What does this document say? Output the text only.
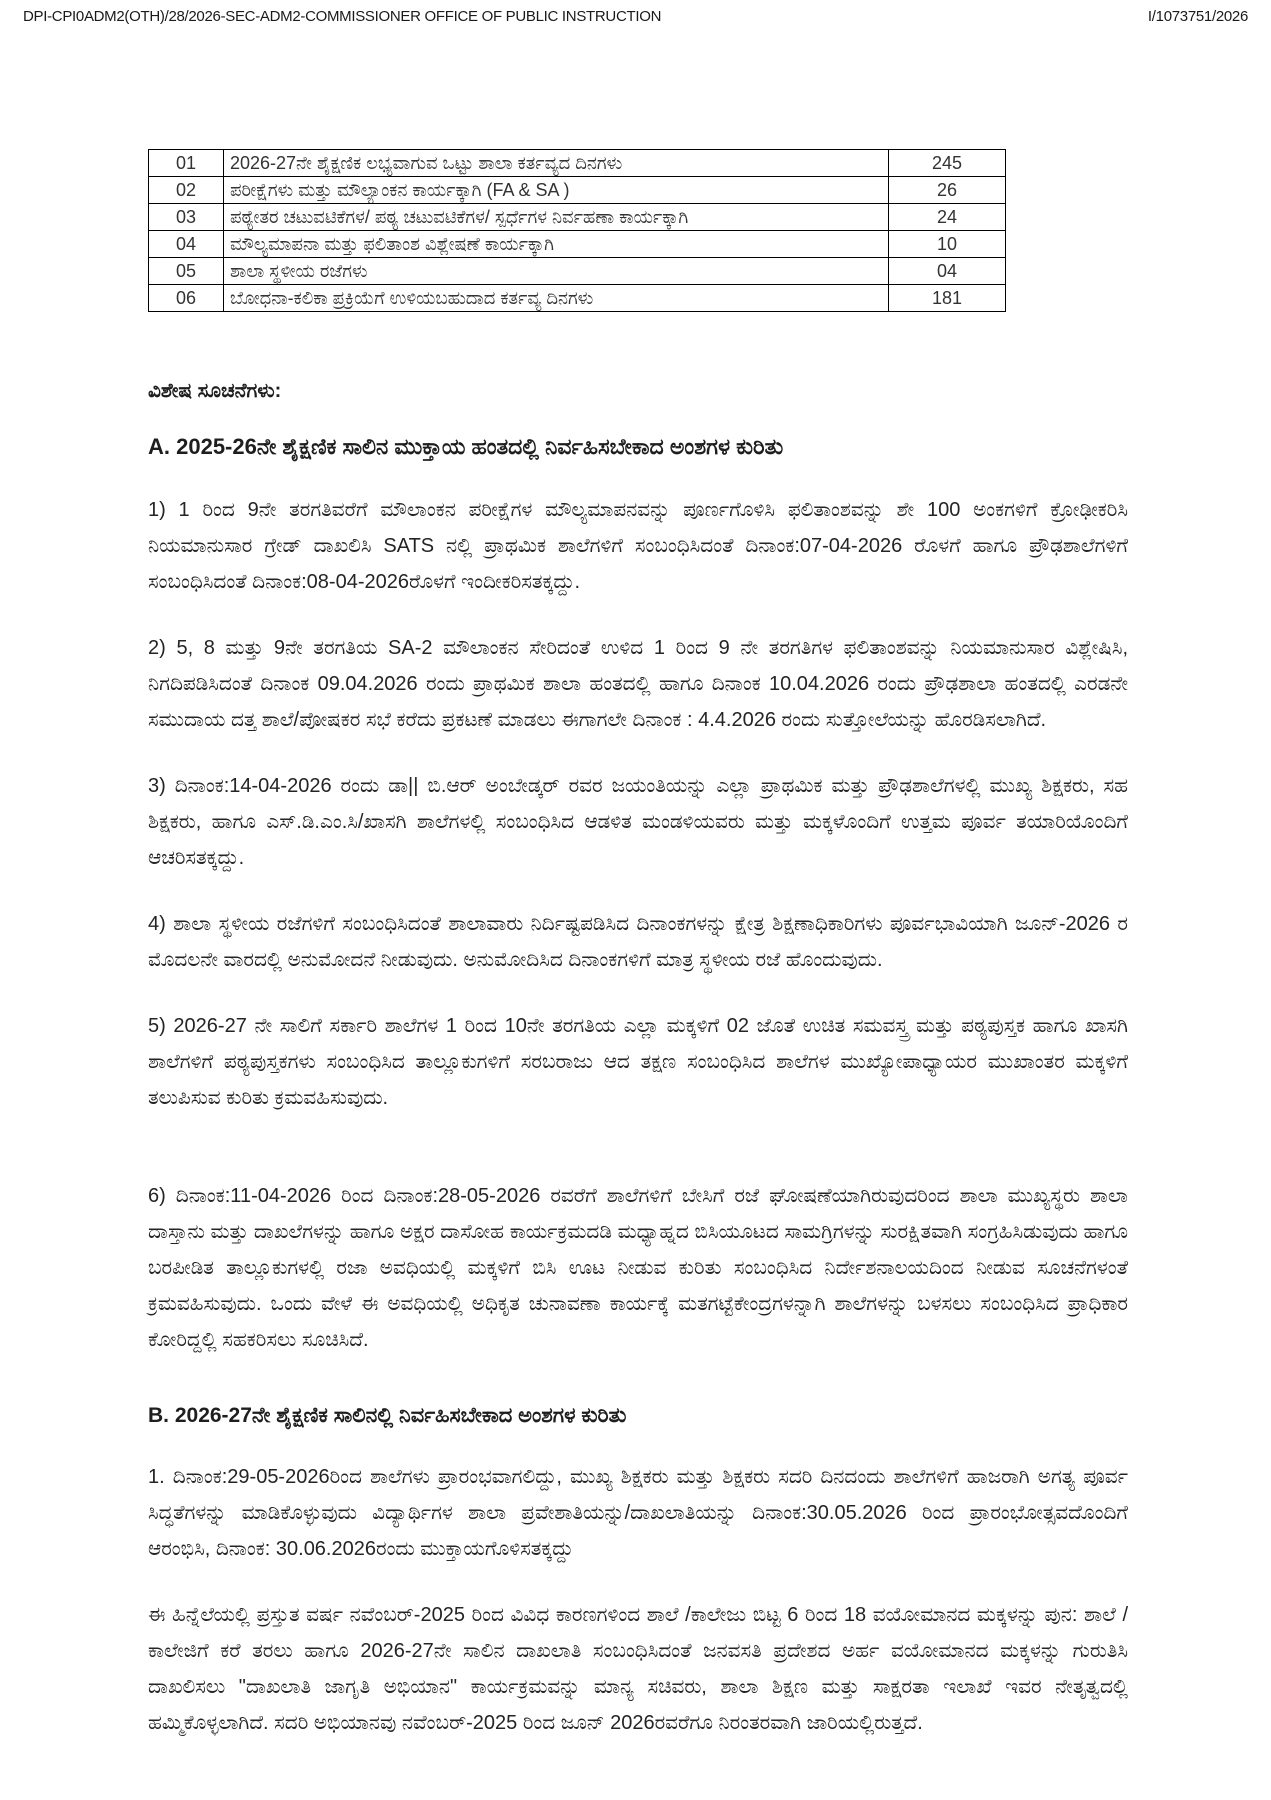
DPI-CPI0ADM2(OTH)/28/2026-SEC-ADM2-COMMISSIONER OFFICE OF PUBLIC INSTRUCTION	I/1073751/2026
01	2026-27ನೇ ಶೈಕ್ಷಣಿಕ ಲಭ್ಯವಾಗುವ ಒಟ್ಟು ಶಾಲಾ ಕರ್ತವ್ಯದ ದಿನಗಳು	245
02	ಪರೀಕ್ಷೆಗಳು ಮತ್ತು ಮೌಲ್ಯಾಂಕನ ಕಾರ್ಯಕ್ಕಾಗಿ (FA & SA )	26
03	ಪಠ್ಯೇತರ ಚಟುವಟಿಕೆಗಳ/ ಪಠ್ಯ ಚಟುವಟಿಕೆಗಳ/ ಸ್ಪರ್ಧೆಗಳ ನಿರ್ವಹಣಾ ಕಾರ್ಯಕ್ಕಾಗಿ	24
04	ಮೌಲ್ಯಮಾಪನಾ ಮತ್ತು ಫಲಿತಾಂಶ ವಿಶ್ಲೇಷಣೆ ಕಾರ್ಯಕ್ಕಾಗಿ	10
05	ಶಾಲಾ ಸ್ಥಳೀಯ ರಜೆಗಳು	04
06	ಬೋಧನಾ-ಕಲಿಕಾ ಪ್ರಕ್ರಿಯೆಗೆ ಉಳಿಯಬಹುದಾದ ಕರ್ತವ್ಯ ದಿನಗಳು	181

ವಿಶೇಷ ಸೂಚನೆಗಳು:

A. 2025-26ನೇ ಶೈಕ್ಷಣಿಕ ಸಾಲಿನ ಮುಕ್ತಾಯ ಹಂತದಲ್ಲಿ ನಿರ್ವಹಿಸಬೇಕಾದ ಅಂಶಗಳ ಕುರಿತು

1) 1 ರಿಂದ 9ನೇ ತರಗತಿವರೆಗೆ ಮೌಲಾಂಕನ ಪರೀಕ್ಷೆಗಳ ಮೌಲ್ಯಮಾಪನವನ್ನು ಪೂರ್ಣಗೊಳಿಸಿ ಫಲಿತಾಂಶವನ್ನು ಶೇ 100 ಅಂಕಗಳಿಗೆ ಕ್ರೋಢೀಕರಿಸಿ ನಿಯಮಾನುಸಾರ ಗ್ರೇಡ್ ದಾಖಲಿಸಿ SATS ನಲ್ಲಿ ಪ್ರಾಥಮಿಕ ಶಾಲೆಗಳಿಗೆ ಸಂಬಂಧಿಸಿದಂತೆ ದಿನಾಂಕ:07-04-2026 ರೊಳಗೆ ಹಾಗೂ ಪ್ರೌಢಶಾಲೆಗಳಿಗೆ ಸಂಬಂಧಿಸಿದಂತೆ ದಿನಾಂಕ:08-04-2026ರೊಳಗೆ ಇಂದೀಕರಿಸತಕ್ಕದ್ದು.

2) 5, 8 ಮತ್ತು 9ನೇ ತರಗತಿಯ SA-2 ಮೌಲಾಂಕನ ಸೇರಿದಂತೆ ಉಳಿದ 1 ರಿಂದ 9 ನೇ ತರಗತಿಗಳ ಫಲಿತಾಂಶವನ್ನು ನಿಯಮಾನುಸಾರ ವಿಶ್ಲೇಷಿಸಿ, ನಿಗದಿಪಡಿಸಿದಂತೆ ದಿನಾಂಕ 09.04.2026 ರಂದು ಪ್ರಾಥಮಿಕ ಶಾಲಾ ಹಂತದಲ್ಲಿ ಹಾಗೂ ದಿನಾಂಕ 10.04.2026 ರಂದು ಪ್ರೌಢಶಾಲಾ ಹಂತದಲ್ಲಿ ಎರಡನೇ ಸಮುದಾಯ ದತ್ತ ಶಾಲೆ/ಪೋಷಕರ ಸಭೆ ಕರೆದು ಪ್ರಕಟಣೆ ಮಾಡಲು ಈಗಾಗಲೇ ದಿನಾಂಕ : 4.4.2026 ರಂದು ಸುತ್ತೋಲೆಯನ್ನು ಹೊರಡಿಸಲಾಗಿದೆ.

3) ದಿನಾಂಕ:14-04-2026 ರಂದು ಡಾ|| ಬಿ.ಆರ್ ಅಂಬೇಡ್ಕರ್ ರವರ ಜಯಂತಿಯನ್ನು ಎಲ್ಲಾ ಪ್ರಾಥಮಿಕ ಮತ್ತು ಪ್ರೌಢಶಾಲೆಗಳಲ್ಲಿ ಮುಖ್ಯ ಶಿಕ್ಷಕರು, ಸಹ ಶಿಕ್ಷಕರು, ಹಾಗೂ ಎಸ್.ಡಿ.ಎಂ.ಸಿ/ಖಾಸಗಿ ಶಾಲೆಗಳಲ್ಲಿ ಸಂಬಂಧಿಸಿದ ಆಡಳಿತ ಮಂಡಳಿಯವರು ಮತ್ತು ಮಕ್ಕಳೊಂದಿಗೆ ಉತ್ತಮ ಪೂರ್ವ ತಯಾರಿಯೊಂದಿಗೆ ಆಚರಿಸತಕ್ಕದ್ದು.

4) ಶಾಲಾ ಸ್ಥಳೀಯ ರಜೆಗಳಿಗೆ ಸಂಬಂಧಿಸಿದಂತೆ ಶಾಲಾವಾರು ನಿರ್ದಿಷ್ಟಪಡಿಸಿದ ದಿನಾಂಕಗಳನ್ನು ಕ್ಷೇತ್ರ ಶಿಕ್ಷಣಾಧಿಕಾರಿಗಳು ಪೂರ್ವಭಾವಿಯಾಗಿ ಜೂನ್-2026 ರ ಮೊದಲನೇ ವಾರದಲ್ಲಿ ಅನುಮೋದನೆ ನೀಡುವುದು. ಅನುಮೋದಿಸಿದ ದಿನಾಂಕಗಳಿಗೆ ಮಾತ್ರ ಸ್ಥಳೀಯ ರಜೆ ಹೊಂದುವುದು.

5) 2026-27 ನೇ ಸಾಲಿಗೆ ಸರ್ಕಾರಿ ಶಾಲೆಗಳ 1 ರಿಂದ 10ನೇ ತರಗತಿಯ ಎಲ್ಲಾ ಮಕ್ಕಳಿಗೆ 02 ಜೊತೆ ಉಚಿತ ಸಮವಸ್ತ್ರ ಮತ್ತು ಪಠ್ಯಪುಸ್ತಕ ಹಾಗೂ ಖಾಸಗಿ ಶಾಲೆಗಳಿಗೆ ಪಠ್ಯಪುಸ್ತಕಗಳು ಸಂಬಂಧಿಸಿದ ತಾಲ್ಲೂಕುಗಳಿಗೆ ಸರಬರಾಜು ಆದ ತಕ್ಷಣ ಸಂಬಂಧಿಸಿದ ಶಾಲೆಗಳ ಮುಖ್ಯೋಪಾಧ್ಯಾಯರ ಮುಖಾಂತರ ಮಕ್ಕಳಿಗೆ ತಲುಪಿಸುವ ಕುರಿತು ಕ್ರಮವಹಿಸುವುದು.

6) ದಿನಾಂಕ:11-04-2026 ರಿಂದ ದಿನಾಂಕ:28-05-2026 ರವರೆಗೆ ಶಾಲೆಗಳಿಗೆ ಬೇಸಿಗೆ ರಜೆ ಘೋಷಣೆಯಾಗಿರುವುದರಿಂದ ಶಾಲಾ ಮುಖ್ಯಸ್ಥರು ಶಾಲಾ ದಾಸ್ತಾನು ಮತ್ತು ದಾಖಲೆಗಳನ್ನು ಹಾಗೂ ಅಕ್ಷರ ದಾಸೋಹ ಕಾರ್ಯಕ್ರಮದಡಿ ಮಧ್ಯಾಹ್ನದ ಬಿಸಿಯೂಟದ ಸಾಮಗ್ರಿಗಳನ್ನು ಸುರಕ್ಷಿತವಾಗಿ ಸಂಗ್ರಹಿಸಿಡುವುದು ಹಾಗೂ ಬರಪೀಡಿತ ತಾಲ್ಲೂಕುಗಳಲ್ಲಿ ರಜಾ ಅವಧಿಯಲ್ಲಿ ಮಕ್ಕಳಿಗೆ ಬಿಸಿ ಊಟ ನೀಡುವ ಕುರಿತು ಸಂಬಂಧಿಸಿದ ನಿರ್ದೇಶನಾಲಯದಿಂದ ನೀಡುವ ಸೂಚನೆಗಳಂತೆ ಕ್ರಮವಹಿಸುವುದು. ಒಂದು ವೇಳೆ ಈ ಅವಧಿಯಲ್ಲಿ ಅಧಿಕೃತ ಚುನಾವಣಾ ಕಾರ್ಯಕ್ಕೆ ಮತಗಟ್ಟೆಕೇಂದ್ರಗಳನ್ನಾಗಿ ಶಾಲೆಗಳನ್ನು ಬಳಸಲು ಸಂಬಂಧಿಸಿದ ಪ್ರಾಧಿಕಾರ ಕೋರಿದ್ದಲ್ಲಿ ಸಹಕರಿಸಲು ಸೂಚಿಸಿದೆ.

B. 2026-27ನೇ ಶೈಕ್ಷಣಿಕ ಸಾಲಿನಲ್ಲಿ ನಿರ್ವಹಿಸಬೇಕಾದ ಅಂಶಗಳ ಕುರಿತು

1. ದಿನಾಂಕ:29-05-2026ರಿಂದ ಶಾಲೆಗಳು ಪ್ರಾರಂಭವಾಗಲಿದ್ದು, ಮುಖ್ಯ ಶಿಕ್ಷಕರು ಮತ್ತು ಶಿಕ್ಷಕರು ಸದರಿ ದಿನದಂದು ಶಾಲೆಗಳಿಗೆ ಹಾಜರಾಗಿ ಅಗತ್ಯ ಪೂರ್ವ ಸಿದ್ಧತೆಗಳನ್ನು ಮಾಡಿಕೊಳ್ಳುವುದು ವಿದ್ಯಾರ್ಥಿಗಳ ಶಾಲಾ ಪ್ರವೇಶಾತಿಯನ್ನು/ದಾಖಲಾತಿಯನ್ನು ದಿನಾಂಕ:30.05.2026 ರಿಂದ ಪ್ರಾರಂಭೋತ್ಸವದೊಂದಿಗೆ ಆರಂಭಿಸಿ, ದಿನಾಂಕ: 30.06.2026ರಂದು ಮುಕ್ತಾಯಗೊಳಿಸತಕ್ಕದ್ದು

ಈ ಹಿನ್ನೆಲೆಯಲ್ಲಿ ಪ್ರಸ್ತುತ ವರ್ಷ ನವೆಂಬರ್-2025 ರಿಂದ ವಿವಿಧ ಕಾರಣಗಳಿಂದ ಶಾಲೆ /ಕಾಲೇಜು ಬಿಟ್ಟ 6 ರಿಂದ 18 ವಯೋಮಾನದ ಮಕ್ಕಳನ್ನು ಪುನ: ಶಾಲೆ /ಕಾಲೇಜಿಗೆ ಕರೆ ತರಲು ಹಾಗೂ 2026-27ನೇ ಸಾಲಿನ ದಾಖಲಾತಿ ಸಂಬಂಧಿಸಿದಂತೆ ಜನವಸತಿ ಪ್ರದೇಶದ ಅರ್ಹ ವಯೋಮಾನದ ಮಕ್ಕಳನ್ನು ಗುರುತಿಸಿ ದಾಖಲಿಸಲು "ದಾಖಲಾತಿ ಜಾಗೃತಿ ಅಭಿಯಾನ" ಕಾರ್ಯಕ್ರಮವನ್ನು ಮಾನ್ಯ ಸಚಿವರು, ಶಾಲಾ ಶಿಕ್ಷಣ ಮತ್ತು ಸಾಕ್ಷರತಾ ಇಲಾಖೆ ಇವರ ನೇತೃತ್ವದಲ್ಲಿ ಹಮ್ಮಿಕೊಳ್ಳಲಾಗಿದೆ. ಸದರಿ ಅಭಿಯಾನವು ನವೆಂಬರ್-2025 ರಿಂದ ಜೂನ್ 2026ರವರೆಗೂ ನಿರಂತರವಾಗಿ ಜಾರಿಯಲ್ಲಿರುತ್ತದೆ.
